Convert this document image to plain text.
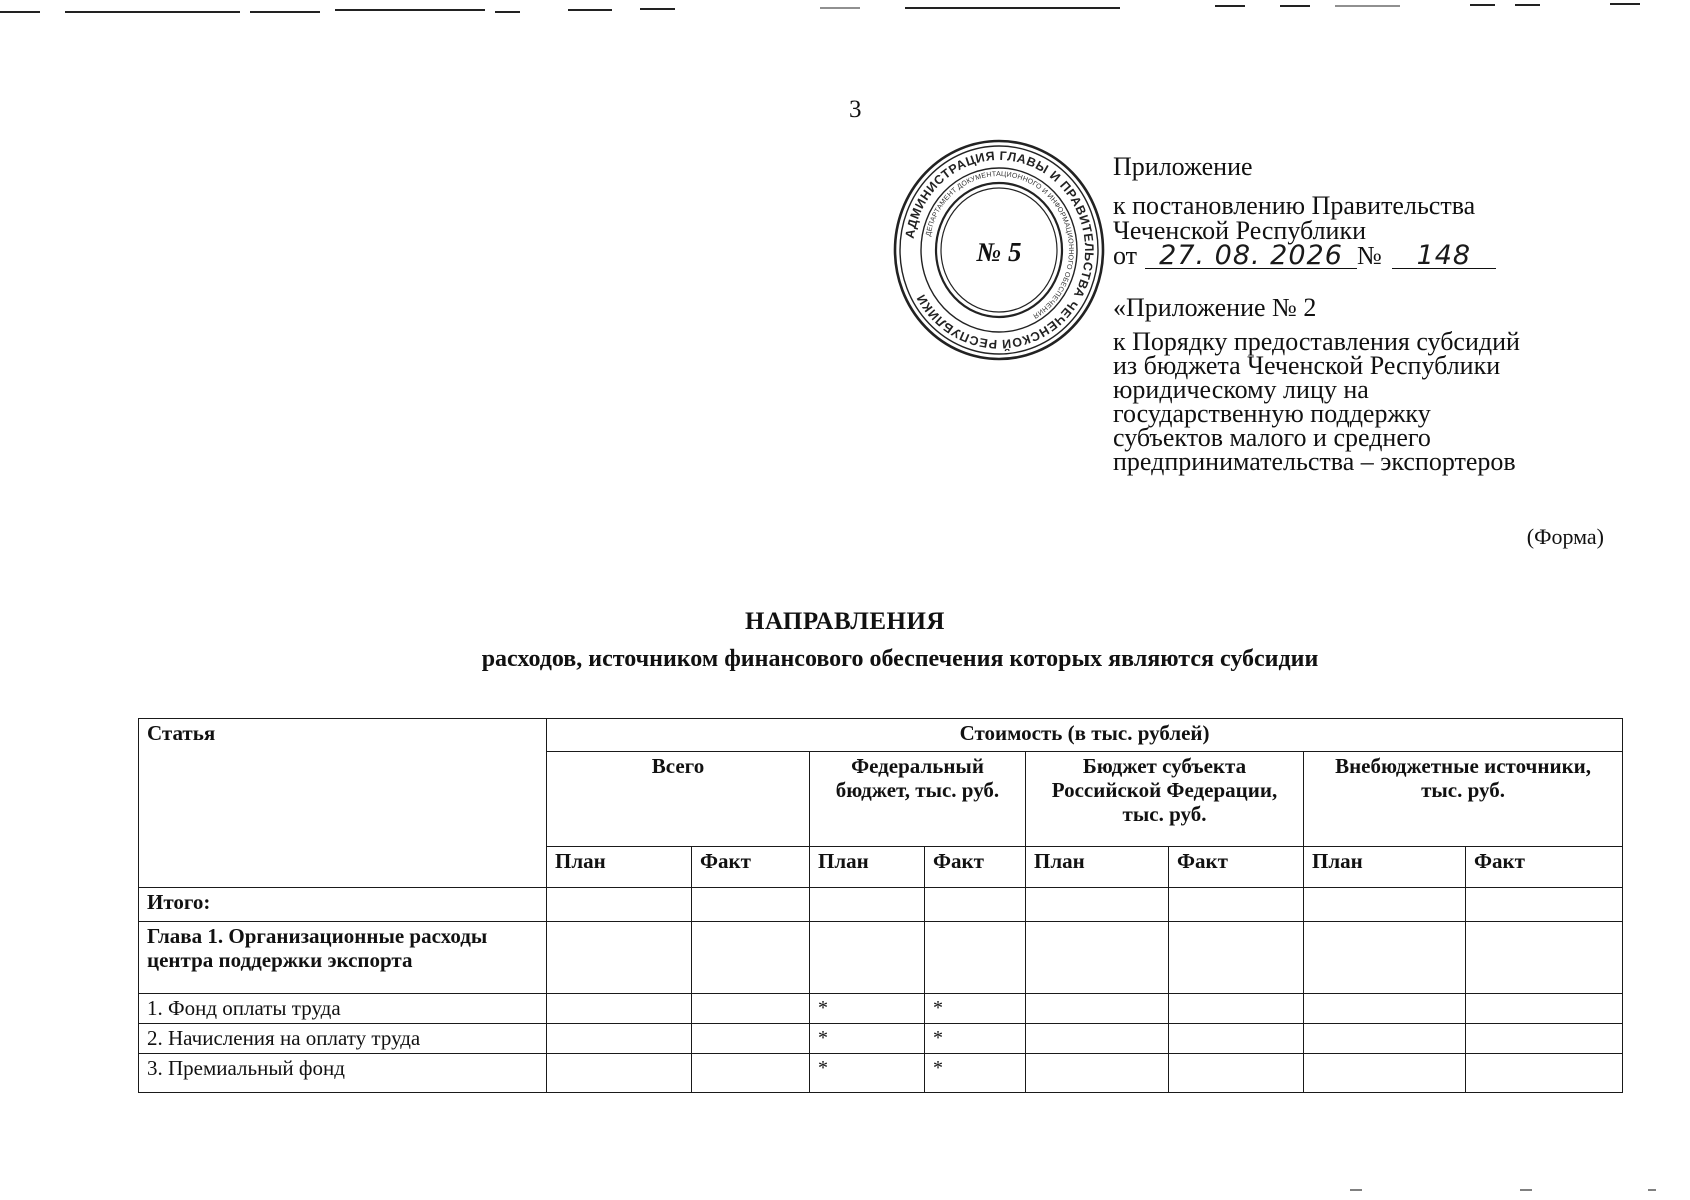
3
АДМИНИСТРАЦИЯ ГЛАВЫ И ПРАВИТЕЛЬСТВА ЧЕЧЕНСКОЙ РЕСПУБЛИКИ
ДЕПАРТАМЕНТ ДОКУМЕНТАЦИОННОГО И ИНФОРМАЦИОННОГО ОБЕСПЕЧЕНИЯ
№ 5
Приложение
к постановлению Правительства
Чеченской Республики
от 27. 08. 2026 №	148
«Приложение № 2
к Порядку предоставления субсидий
из бюджета Чеченской Республики
юридическому лицу на
государственную поддержку
субъектов малого и среднего
предпринимательства – экспортеров
(Форма)
НАПРАВЛЕНИЯ
расходов, источником финансового обеспечения которых являются субсидии
Статья	Стоимость (в тыс. рублей)							
	Всего		Федеральный бюджет, тыс. руб.		Бюджет субъекта Российской Федерации, тыс. руб.		Внебюджетные источники, тыс. руб.	
	План	Факт	План	Факт	План	Факт	План	Факт
Итого:								
Глава 1. Организационные расходы центра поддержки экспорта								
1. Фонд оплаты труда			*	*				
2. Начисления на оплату труда			*	*				
3. Премиальный фонд			*	*				
